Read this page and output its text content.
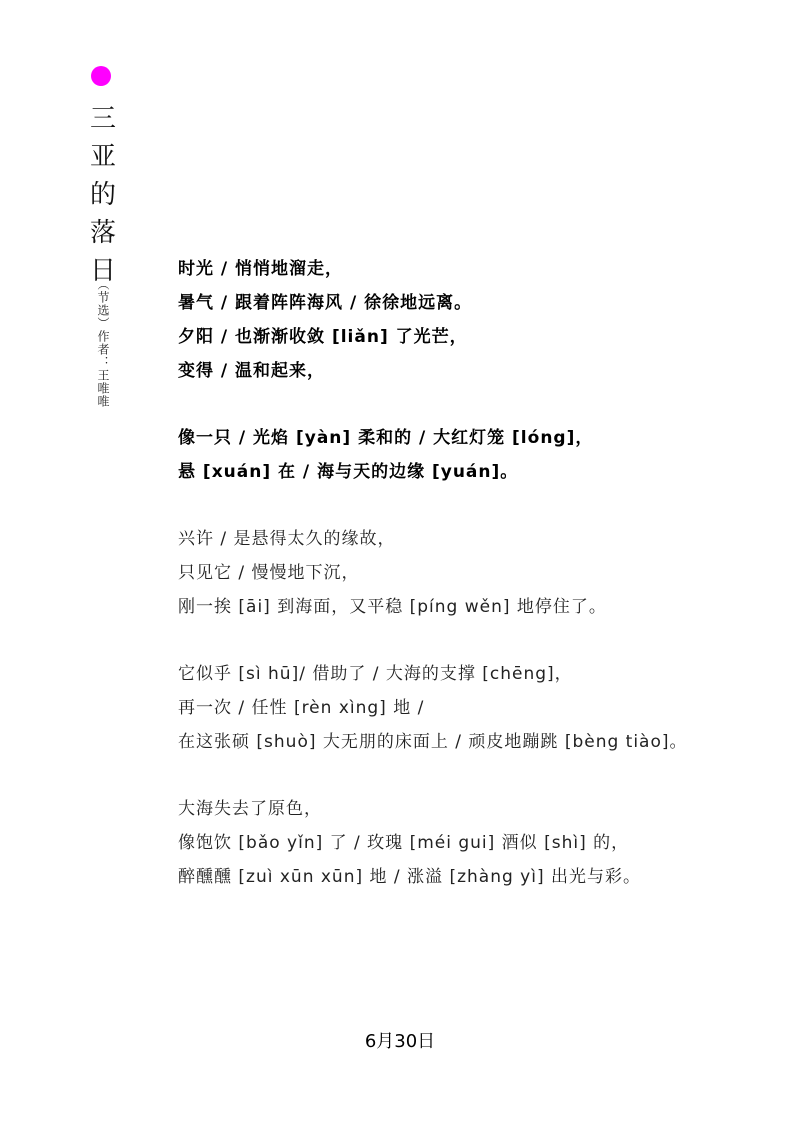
三
亚
的
落
日
（节选）作者：王唯唯
时光 / 悄悄地溜走，
暑气 / 跟着阵阵海风 / 徐徐地远离。
夕阳 / 也渐渐收敛 [liǎn] 了光芒，
变得 / 温和起来，
像一只 / 光焰 [yàn] 柔和的 / 大红灯笼 [lóng]，
悬 [xuán] 在 / 海与天的边缘 [yuán]。
兴许 / 是悬得太久的缘故，
只见它 / 慢慢地下沉，
刚一挨 [āi] 到海面，又平稳 [píng wěn] 地停住了。
它似乎 [sì hū]/ 借助了 / 大海的支撑 [chēng]，
再一次 / 任性 [rèn xìng] 地 /
在这张硕 [shuò] 大无朋的床面上 / 顽皮地蹦跳 [bèng tiào]。
大海失去了原色，
像饱饮 [bǎo yǐn] 了 / 玫瑰 [méi gui] 酒似 [shì] 的，
醉醺醺 [zuì xūn xūn] 地 / 涨溢 [zhàng yì] 出光与彩。
6月30日
